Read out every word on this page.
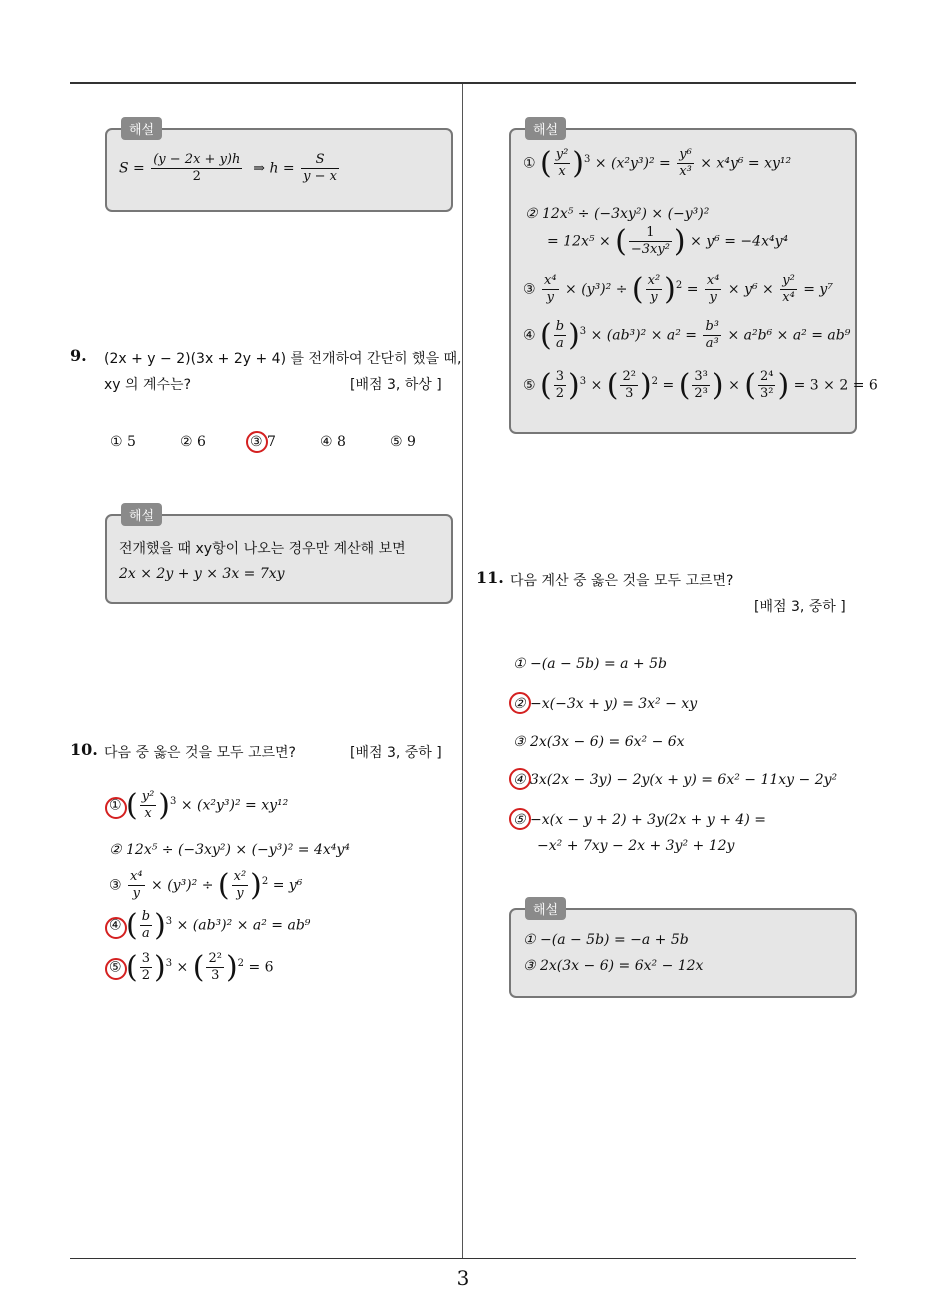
3
해설
$S = \frac{(y - 2x + y)h}{2}$ ⇒ $h = \frac{S}{y - x}$
9. (2x + y − 2)(3x + 2y + 4) 를 전개하여 간단히 했을 때,
xy 의 계수는?	[배점 3, 하상 ]
① 5	② 6	③ 7	④ 8	⑤ 9
해설
전개했을 때 xy항이 나오는 경우만 계산해 보면
2x × 2y + y × 3x = 7xy
10. 다음 중 옳은 것을 모두 고르면?	[배점 3, 중하 ]
① ( $\frac{\text{y²}}{x} )^3 \times (x^2y^3)^2 = xy^{12}$
② 12x⁵ ÷ (−3xy²) × (−y³)² = 4x⁴y⁴
③ $\frac{\text{x⁴}}{y} \times (y^3)^2$ ÷ ( $\frac{\text{x²}}{y} )^2 = y^6$
④ ( $\frac{b}{a} )^3 \times (ab^3)^2 \times a^2 = ab^9$
⑤ ( $\frac{3}{2} )^3$ × ( $\frac{\text{2²}}{3} )^2 = 6$
해설
① ( $\frac{\text{y²}}{x} )^3 \times (x^2y^3)^2 = \frac{\text{y⁶}}{\text{x³}} \times x^4y^6 = xy^{12}$
② 12x⁵ ÷ (−3xy²) × (−y³)²
= 12x⁵ × ( $\frac{1}{\text{−3xy²}}$ ) × y⁶ = −4x⁴y⁴
③ $\frac{\text{x⁴}}{y} \times (y^3)^2$ ÷ ( $\frac{\text{x²}}{y} )^2 = \frac{\text{x⁴}}{y} \times y^6 \times \frac{\text{y²}}{\text{x⁴}} = y^7$
④ ( $\frac{b}{a} )^3 \times (ab^3)^2 \times a^2 = \frac{\text{b³}}{\text{a³}} \times a^2b^6 \times a^2 = ab^9$
⑤ ( $\frac{3}{2} )^3$ × ( $\frac{\text{2²}}{3} )^2$ = ( $\frac{\text{3³}}{\text{2³}}$ ) × ( $\frac{\text{2⁴}}{\text{3²}}$ ) = 3 × 2 = 6
11. 다음 계산 중 옳은 것을 모두 고르면?
[배점 3, 중하 ]
① −(a − 5b) = a + 5b
② −x(−3x + y) = 3x² − xy
③ 2x(3x − 6) = 6x² − 6x
④ 3x(2x − 3y) − 2y(x + y) = 6x² − 11xy − 2y²
⑤ −x(x − y + 2) + 3y(2x + y + 4) =
−x² + 7xy − 2x + 3y² + 12y
해설
① −(a − 5b) = −a + 5b
③ 2x(3x − 6) = 6x² − 12x
